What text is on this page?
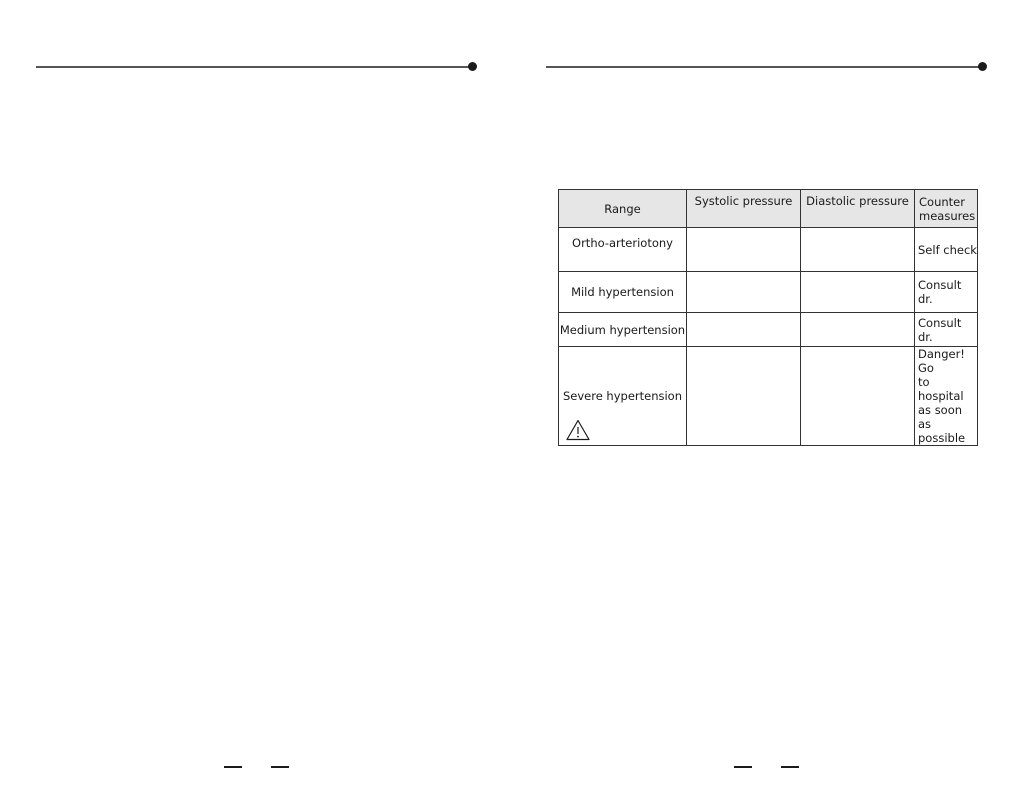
Range	Systolic pressure	Diastolic pressure	Counter
measures
Ortho-arteriotony			Self check
Mild hypertension			Consult dr.
Medium hypertension			Consult dr.
Severe hypertension			Danger! Go
to hospital
as soon as
possible
